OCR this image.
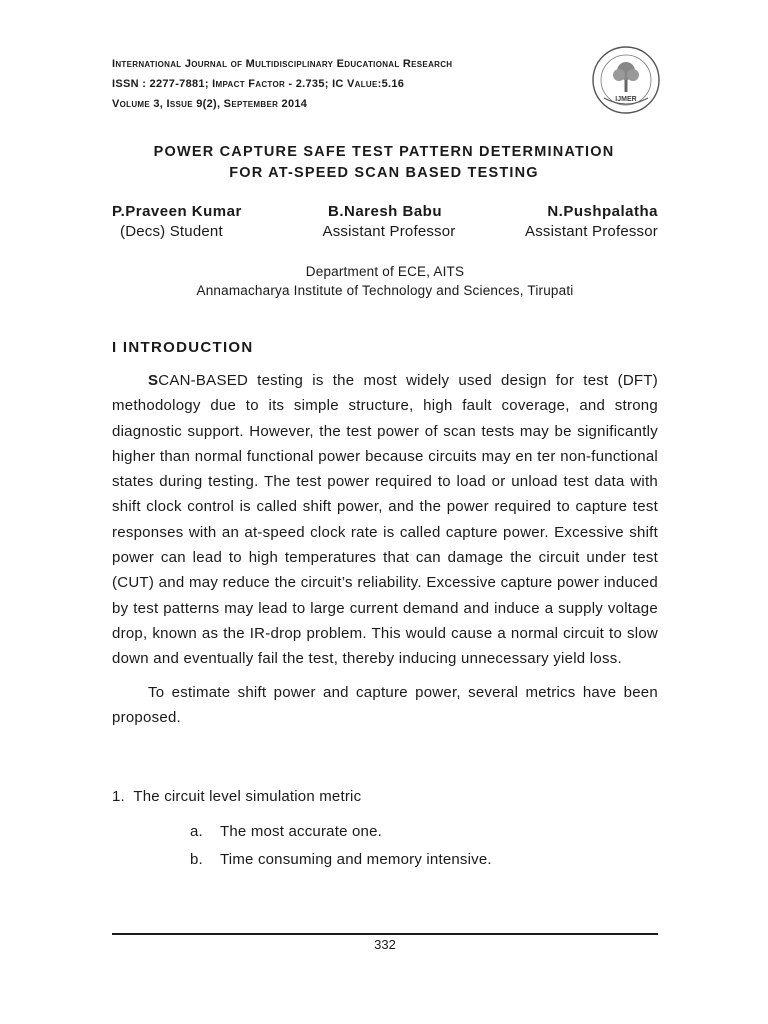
International Journal of Multidisciplinary Educational Research
ISSN : 2277-7881; Impact Factor - 2.735; IC Value:5.16
Volume 3, Issue 9(2), September 2014	IJMER
POWER CAPTURE SAFE TEST PATTERN DETERMINATION
FOR AT-SPEED SCAN BASED TESTING
P.Praveen Kumar	B.Naresh Babu	N.Pushpalatha
(Decs) Student	Assistant Professor	Assistant Professor
Department of ECE, AITS
Annamacharya Institute of Technology and Sciences, Tirupati
I INTRODUCTION

SCAN-BASED testing is the most widely used design for test (DFT) methodology due to its simple structure, high fault coverage, and strong diagnostic support. However, the test power of scan tests may be significantly higher than normal functional power because circuits may en ter non-functional states during testing. The test power required to load or unload test data with shift clock control is called shift power, and the power required to capture test responses with an at-speed clock rate is called capture power. Excessive shift power can lead to high temperatures that can damage the circuit under test (CUT) and may reduce the circuit’s reliability. Excessive capture power induced by test patterns may lead to large current demand and induce a supply voltage drop, known as the IR-drop problem. This would cause a normal circuit to slow down and eventually fail the test, thereby inducing unnecessary yield loss.

To estimate shift power and capture power, several metrics have been proposed.

1.  The circuit level simulation metric
a.	The most accurate one.
b.	Time consuming and memory intensive.
332
